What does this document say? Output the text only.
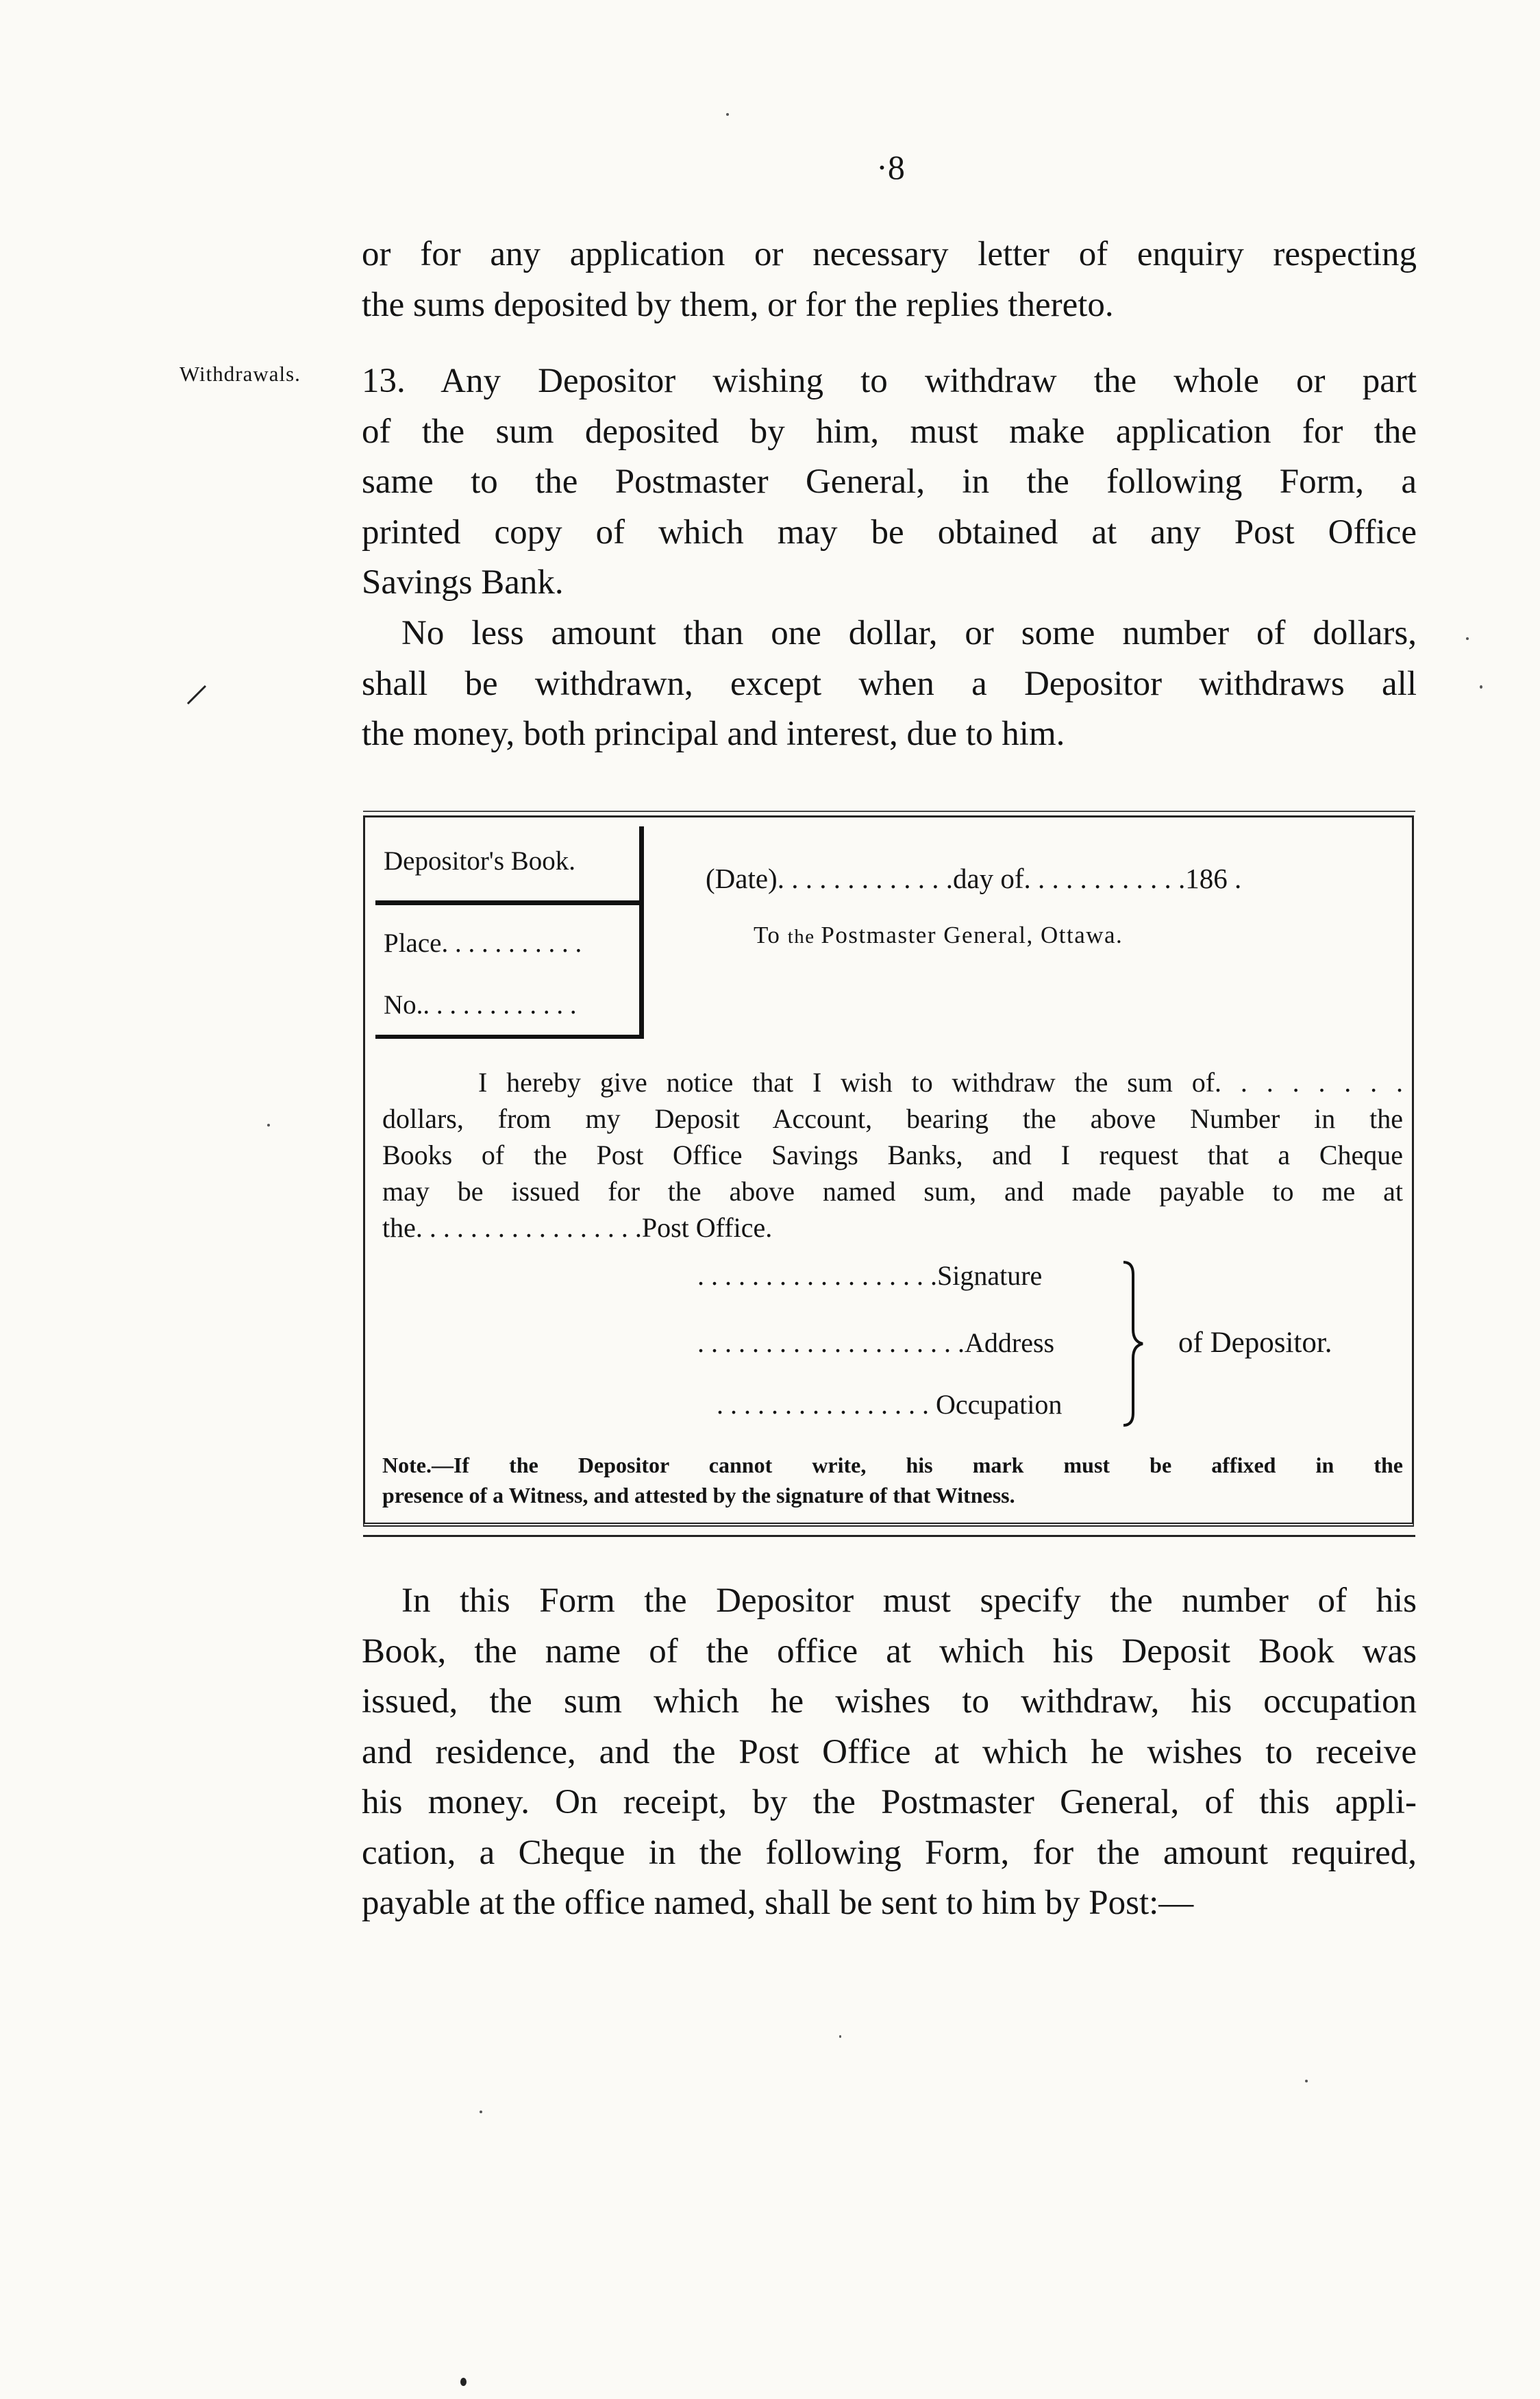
·8
or for any application or necessary letter of enquiry respecting
the sums deposited by them, or for the replies thereto.
Withdrawals. 13. Any Depositor wishing to withdraw the whole or part
of the sum deposited by him, must make application for the
same to the Postmaster General, in the following Form, a
printed copy of which may be obtained at any Post Office
Savings Bank.
No less amount than one dollar, or some number of dollars,
shall be withdrawn, except when a Depositor withdraws all
the money, both principal and interest, due to him.
Depositor's Book.
Place. . . . . . . . . . .
No.. . . . . . . . . . . .
(Date). . . . . . . . . . . . .day of. . . . . . . . . . . .186 .
To the Postmaster General, Ottawa.
I hereby give notice that I wish to withdraw the sum of. . . . . . . .
dollars, from my Deposit Account, bearing the above Number in the
Books of the Post Office Savings Banks, and I request that a Cheque
may be issued for the above named sum, and made payable to me at
the. . . . . . . . . . . . . . . . .Post Office.
. . . . . . . . . . . . . . . . . .Signature
. . . . . . . . . . . . . . . . . . . .Address
. . . . . . . . . . . . . . . . Occupation
of Depositor.
Note.—If the Depositor cannot write, his mark must be affixed in the
presence of a Witness, and attested by the signature of that Witness.
In this Form the Depositor must specify the number of his
Book, the name of the office at which his Deposit Book was
issued, the sum which he wishes to withdraw, his occupation
and residence, and the Post Office at which he wishes to receive
his money. On receipt, by the Postmaster General, of this appli-
cation, a Cheque in the following Form, for the amount required,
payable at the office named, shall be sent to him by Post:—
